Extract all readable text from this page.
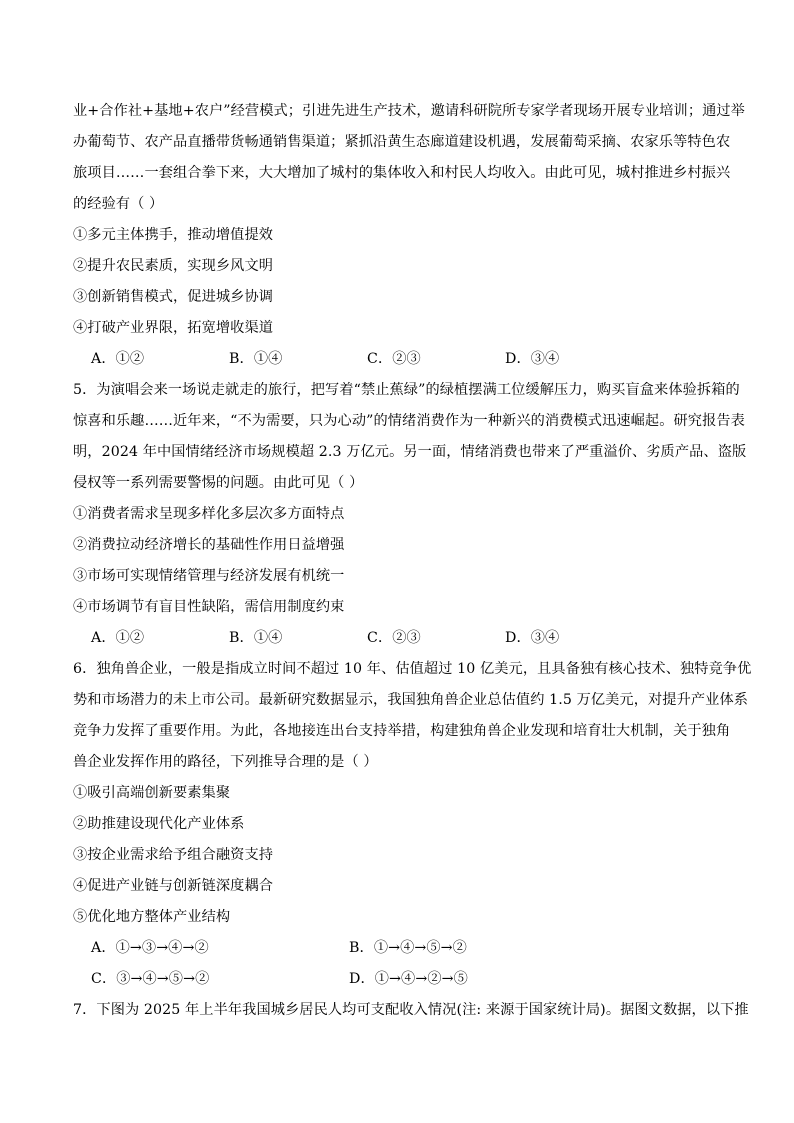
业+合作社+基地+农户”经营模式；引进先进生产技术，邀请科研院所专家学者现场开展专业培训；通过举
办葡萄节、农产品直播带货畅通销售渠道；紧抓沿黄生态廊道建设机遇，发展葡萄采摘、农家乐等特色农
旅项目……一套组合拳下来，大大增加了城村的集体收入和村民人均收入。由此可见，城村推进乡村振兴
的经验有（ ）
①多元主体携手，推动增值提效
②提升农民素质，实现乡风文明
③创新销售模式，促进城乡协调
④打破产业界限，拓宽增收渠道
A．①②	B．①④	C．②③	D．③④
5．为演唱会来一场说走就走的旅行，把写着“禁止蕉绿”的绿植摆满工位缓解压力，购买盲盒来体验拆箱的
惊喜和乐趣……近年来，“不为需要，只为心动”的情绪消费作为一种新兴的消费模式迅速崛起。研究报告表
明，2024 年中国情绪经济市场规模超 2.3 万亿元。另一面，情绪消费也带来了严重溢价、劣质产品、盗版
侵权等一系列需要警惕的问题。由此可见（ ）
①消费者需求呈现多样化多层次多方面特点
②消费拉动经济增长的基础性作用日益增强
③市场可实现情绪管理与经济发展有机统一
④市场调节有盲目性缺陷，需信用制度约束
A．①②	B．①④	C．②③	D．③④
6．独角兽企业，一般是指成立时间不超过 10 年、估值超过 10 亿美元，且具备独有核心技术、独特竞争优
势和市场潜力的未上市公司。最新研究数据显示，我国独角兽企业总估值约 1.5 万亿美元，对提升产业体系
竞争力发挥了重要作用。为此，各地接连出台支持举措，构建独角兽企业发现和培育壮大机制，关于独角
兽企业发挥作用的路径，下列推导合理的是（ ）
①吸引高端创新要素集聚
②助推建设现代化产业体系
③按企业需求给予组合融资支持
④促进产业链与创新链深度耦合
⑤优化地方整体产业结构
A．①→③→④→②	B．①→④→⑤→②
C．③→④→⑤→②	D．①→④→②→⑤
7．下图为 2025 年上半年我国城乡居民人均可支配收入情况(注: 来源于国家统计局)。据图文数据，以下推
